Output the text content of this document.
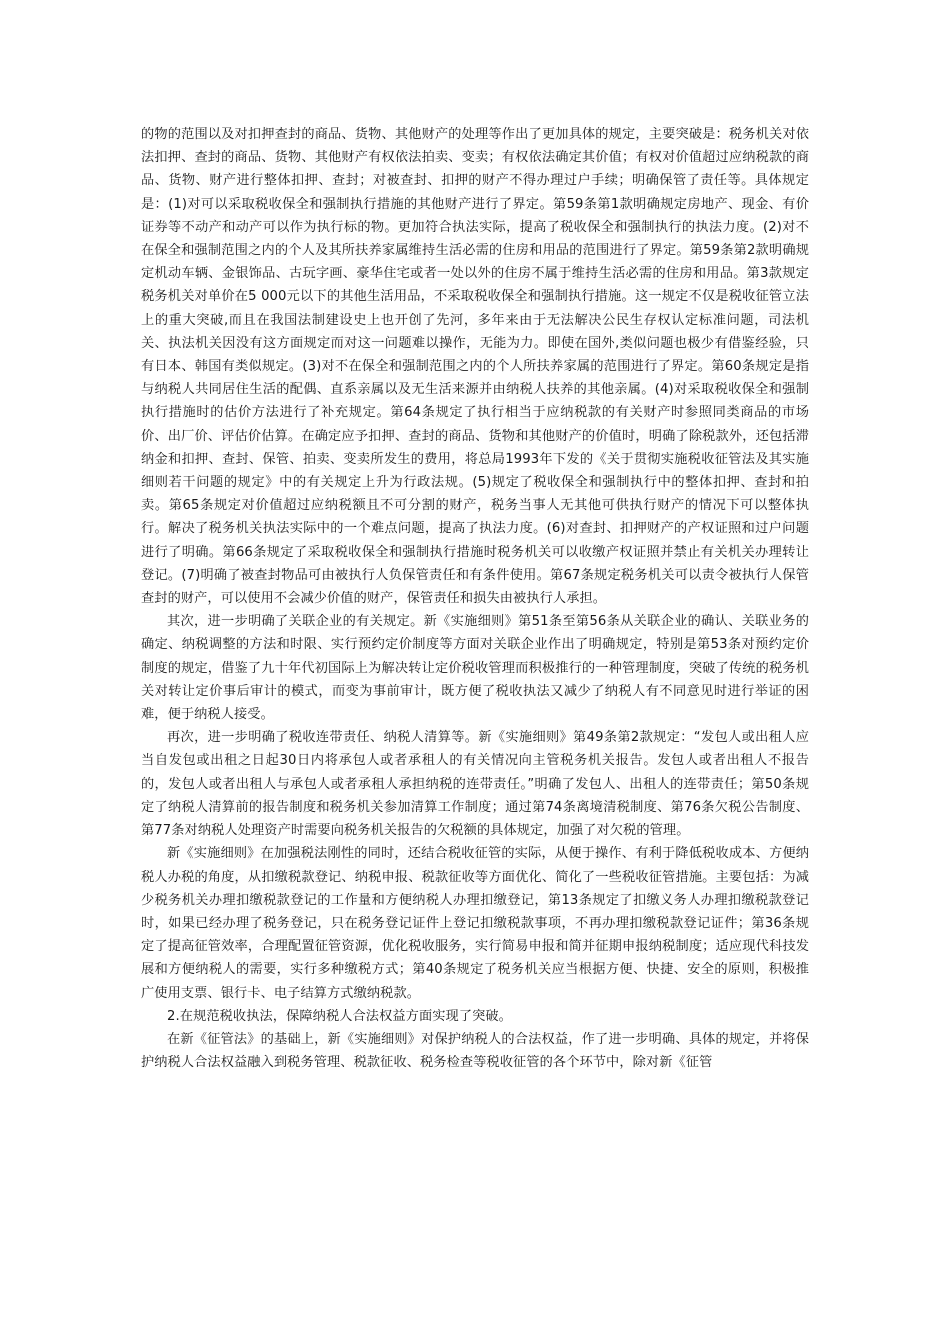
的物的范围以及对扣押查封的商品、货物、其他财产的处理等作出了更加具体的规定，主要突破是：税务机关对依法扣押、查封的商品、货物、其他财产有权依法拍卖、变卖；有权依法确定其价值；有权对价值超过应纳税款的商品、货物、财产进行整体扣押、查封；对被查封、扣押的财产不得办理过户手续；明确保管了责任等。具体规定是：(1)对可以采取税收保全和强制执行措施的其他财产进行了界定。第59条第1款明确规定房地产、现金、有价证券等不动产和动产可以作为执行标的物。更加符合执法实际，提高了税收保全和强制执行的执法力度。(2)对不在保全和强制范围之内的个人及其所扶养家属维持生活必需的住房和用品的范围进行了界定。第59条第2款明确规定机动车辆、金银饰品、古玩字画、豪华住宅或者一处以外的住房不属于维持生活必需的住房和用品。第3款规定税务机关对单价在5 000元以下的其他生活用品，不采取税收保全和强制执行措施。这一规定不仅是税收征管立法上的重大突破,而且在我国法制建设史上也开创了先河，多年来由于无法解决公民生存权认定标准问题，司法机关、执法机关因没有这方面规定而对这一问题难以操作，无能为力。即使在国外,类似问题也极少有借鉴经验，只有日本、韩国有类似规定。(3)对不在保全和强制范围之内的个人所扶养家属的范围进行了界定。第60条规定是指与纳税人共同居住生活的配偶、直系亲属以及无生活来源并由纳税人扶养的其他亲属。(4)对采取税收保全和强制执行措施时的估价方法进行了补充规定。第64条规定了执行相当于应纳税款的有关财产时参照同类商品的市场价、出厂价、评估价估算。在确定应予扣押、查封的商品、货物和其他财产的价值时，明确了除税款外，还包括滞纳金和扣押、查封、保管、拍卖、变卖所发生的费用，将总局1993年下发的《关于贯彻实施税收征管法及其实施细则若干问题的规定》中的有关规定上升为行政法规。(5)规定了税收保全和强制执行中的整体扣押、查封和拍卖。第65条规定对价值超过应纳税额且不可分割的财产，税务当事人无其他可供执行财产的情况下可以整体执行。解决了税务机关执法实际中的一个难点问题，提高了执法力度。(6)对查封、扣押财产的产权证照和过户问题进行了明确。第66条规定了采取税收保全和强制执行措施时税务机关可以收缴产权证照并禁止有关机关办理转让登记。(7)明确了被查封物品可由被执行人负保管责任和有条件使用。第67条规定税务机关可以责令被执行人保管查封的财产，可以使用不会减少价值的财产，保管责任和损失由被执行人承担。

其次，进一步明确了关联企业的有关规定。新《实施细则》第51条至第56条从关联企业的确认、关联业务的确定、纳税调整的方法和时限、实行预约定价制度等方面对关联企业作出了明确规定，特别是第53条对预约定价制度的规定，借鉴了九十年代初国际上为解决转让定价税收管理而积极推行的一种管理制度，突破了传统的税务机关对转让定价事后审计的模式，而变为事前审计，既方便了税收执法又减少了纳税人有不同意见时进行举证的困难，便于纳税人接受。

再次，进一步明确了税收连带责任、纳税人清算等。新《实施细则》第49条第2款规定：“发包人或出租人应当自发包或出租之日起30日内将承包人或者承租人的有关情况向主管税务机关报告。发包人或者出租人不报告的，发包人或者出租人与承包人或者承租人承担纳税的连带责任。”明确了发包人、出租人的连带责任；第50条规定了纳税人清算前的报告制度和税务机关参加清算工作制度；通过第74条离境清税制度、第76条欠税公告制度、第77条对纳税人处理资产时需要向税务机关报告的欠税额的具体规定，加强了对欠税的管理。

新《实施细则》在加强税法刚性的同时，还结合税收征管的实际，从便于操作、有利于降低税收成本、方便纳税人办税的角度，从扣缴税款登记、纳税申报、税款征收等方面优化、简化了一些税收征管措施。主要包括：为减少税务机关办理扣缴税款登记的工作量和方便纳税人办理扣缴登记，第13条规定了扣缴义务人办理扣缴税款登记时，如果已经办理了税务登记，只在税务登记证件上登记扣缴税款事项，不再办理扣缴税款登记证件；第36条规定了提高征管效率，合理配置征管资源，优化税收服务，实行简易申报和简并征期申报纳税制度；适应现代科技发展和方便纳税人的需要，实行多种缴税方式；第40条规定了税务机关应当根据方便、快捷、安全的原则，积极推广使用支票、银行卡、电子结算方式缴纳税款。

2.在规范税收执法，保障纳税人合法权益方面实现了突破。

在新《征管法》的基础上，新《实施细则》对保护纳税人的合法权益，作了进一步明确、具体的规定，并将保护纳税人合法权益融入到税务管理、税款征收、税务检查等税收征管的各个环节中，除对新《征管
